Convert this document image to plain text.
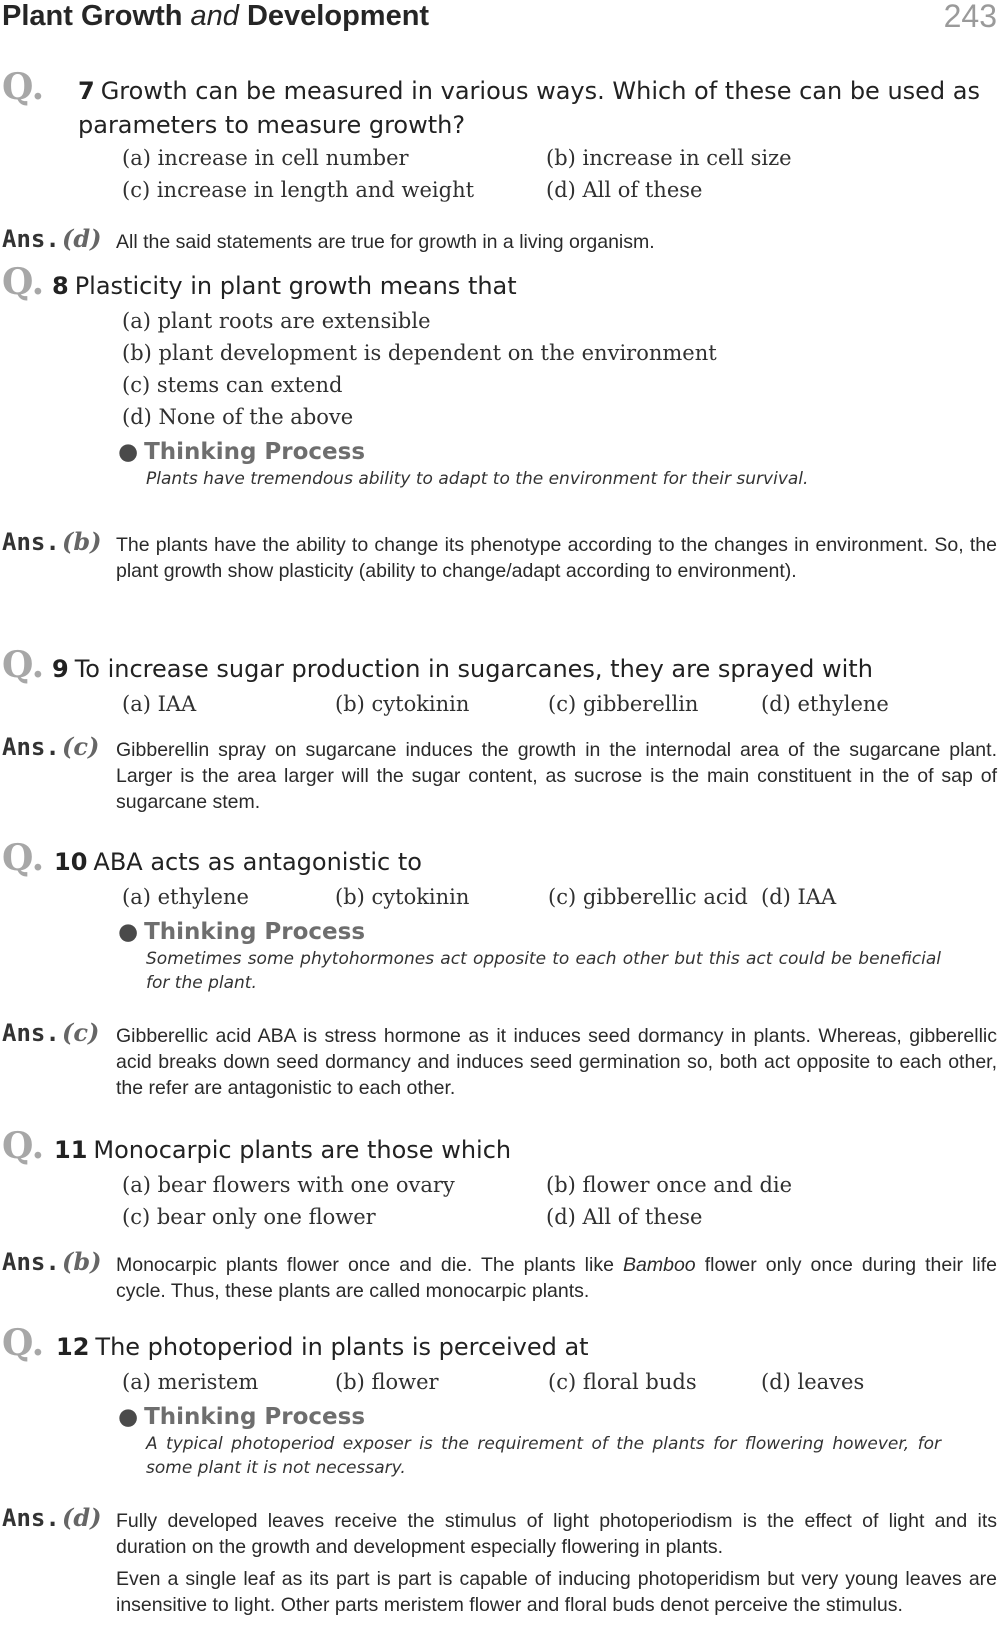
Plant Growth and Development	243
Q. 7 Growth can be measured in various ways. Which of these can be used as parameters to measure growth?
(a) increase in cell number	(b) increase in cell size
(c) increase in length and weight	(d) All of these
Ans. (d) All the said statements are true for growth in a living organism.

Q. 8 Plasticity in plant growth means that
(a) plant roots are extensible
(b) plant development is dependent on the environment
(c) stems can extend
(d) None of the above
● Thinking Process
Plants have tremendous ability to adapt to the environment for their survival.
Ans. (b) The plants have the ability to change its phenotype according to the changes in environment. So, the plant growth show plasticity (ability to change/adapt according to environment).

Q. 9 To increase sugar production in sugarcanes, they are sprayed with
(a) IAA	(b) cytokinin	(c) gibberellin	(d) ethylene
Ans. (c) Gibberellin spray on sugarcane induces the growth in the internodal area of the sugarcane plant. Larger is the area larger will the sugar content, as sucrose is the main constituent in the of sap of sugarcane stem.

Q. 10 ABA acts as antagonistic to
(a) ethylene	(b) cytokinin	(c) gibberellic acid (d) IAA
● Thinking Process
Sometimes some phytohormones act opposite to each other but this act could be beneficial for the plant.
Ans. (c) Gibberellic acid ABA is stress hormone as it induces seed dormancy in plants. Whereas, gibberellic acid breaks down seed dormancy and induces seed germination so, both act opposite to each other, the refer are antagonistic to each other.

Q. 11 Monocarpic plants are those which
(a) bear flowers with one ovary	(b) flower once and die
(c) bear only one flower	(d) All of these
Ans. (b) Monocarpic plants flower once and die. The plants like Bamboo flower only once during their life cycle. Thus, these plants are called monocarpic plants.

Q. 12 The photoperiod in plants is perceived at
(a) meristem	(b) flower	(c) floral buds	(d) leaves
● Thinking Process
A typical photoperiod exposer is the requirement of the plants for flowering however, for some plant it is not necessary.
Ans. (d) Fully developed leaves receive the stimulus of light photoperiodism is the effect of light and its duration on the growth and development especially flowering in plants.

Even a single leaf as its part is part is capable of inducing photoperidism but very young leaves are insensitive to light. Other parts meristem flower and floral buds denot perceive the stimulus.
